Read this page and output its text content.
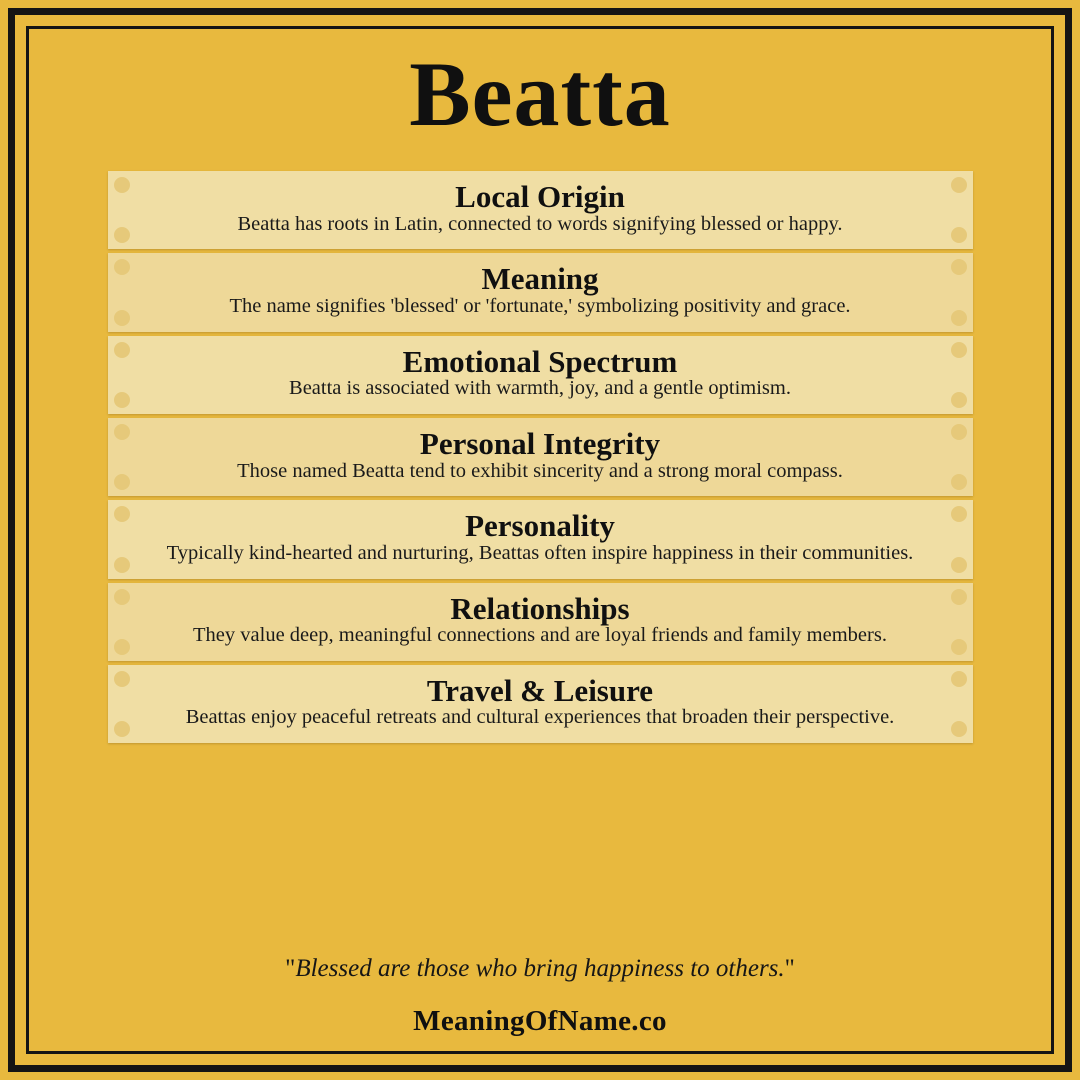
Beatta

Local Origin

Beatta has roots in Latin, connected to words signifying blessed or happy.

Meaning

The name signifies 'blessed' or 'fortunate,' symbolizing positivity and grace.

Emotional Spectrum

Beatta is associated with warmth, joy, and a gentle optimism.

Personal Integrity

Those named Beatta tend to exhibit sincerity and a strong moral compass.

Personality

Typically kind-hearted and nurturing, Beattas often inspire happiness in their communities.

Relationships

They value deep, meaningful connections and are loyal friends and family members.

Travel & Leisure

Beattas enjoy peaceful retreats and cultural experiences that broaden their perspective.

"Blessed are those who bring happiness to others."
MeaningOfName.co
